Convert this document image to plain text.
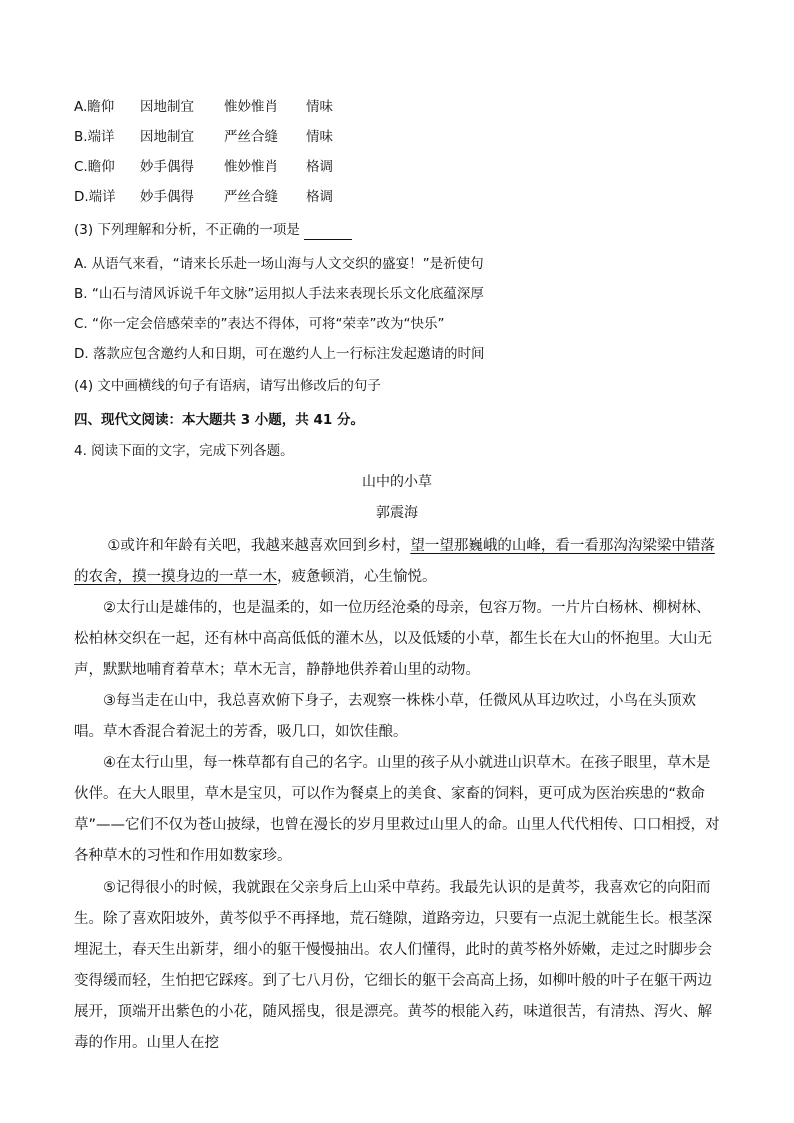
A.瞻仰 因地制宜 惟妙惟肖 情味
B.端详 因地制宜 严丝合缝 情味
C.瞻仰 妙手偶得 惟妙惟肖 格调
D.端详 妙手偶得 严丝合缝 格调
(3) 下列理解和分析，不正确的一项是
A. 从语气来看，“请来长乐赴一场山海与人文交织的盛宴！”是祈使句
B. “山石与清风诉说千年文脉”运用拟人手法来表现长乐文化底蕴深厚
C. “你一定会倍感荣幸的”表达不得体，可将“荣幸”改为“快乐”
D. 落款应包含邀约人和日期，可在邀约人上一行标注发起邀请的时间
(4) 文中画横线的句子有语病，请写出修改后的句子
四、现代文阅读：本大题共 3 小题，共 41 分。
4. 阅读下面的文字，完成下列各题。
山中的小草
郭震海
①或许和年龄有关吧，我越来越喜欢回到乡村，望一望那巍峨的山峰，看一看那沟沟梁梁中错落的农舍，摸一摸身边的一草一木，疲惫顿消，心生愉悦。
②太行山是雄伟的，也是温柔的，如一位历经沧桑的母亲，包容万物。一片片白杨林、柳树林、松柏林交织在一起，还有林中高高低低的灌木丛，以及低矮的小草，都生长在大山的怀抱里。大山无声，默默地哺育着草木；草木无言，静静地供养着山里的动物。
③每当走在山中，我总喜欢俯下身子，去观察一株株小草，任微风从耳边吹过，小鸟在头顶欢唱。草木香混合着泥土的芳香，吸几口，如饮佳酿。
④在太行山里，每一株草都有自己的名字。山里的孩子从小就进山识草木。在孩子眼里，草木是伙伴。在大人眼里，草木是宝贝，可以作为餐桌上的美食、家畜的饲料，更可成为医治疾患的“救命草”——它们不仅为苍山披绿，也曾在漫长的岁月里救过山里人的命。山里人代代相传、口口相授，对各种草木的习性和作用如数家珍。
⑤记得很小的时候，我就跟在父亲身后上山采中草药。我最先认识的是黄芩，我喜欢它的向阳而生。除了喜欢阳坡外，黄芩似乎不再择地，荒石缝隙，道路旁边，只要有一点泥土就能生长。根茎深埋泥土，春天生出新芽，细小的躯干慢慢抽出。农人们懂得，此时的黄芩格外娇嫩，走过之时脚步会变得缓而轻，生怕把它踩疼。到了七八月份，它细长的躯干会高高上扬，如柳叶般的叶子在躯干两边展开，顶端开出紫色的小花，随风摇曳，很是漂亮。黄芩的根能入药，味道很苦，有清热、泻火、解毒的作用。山里人在挖
